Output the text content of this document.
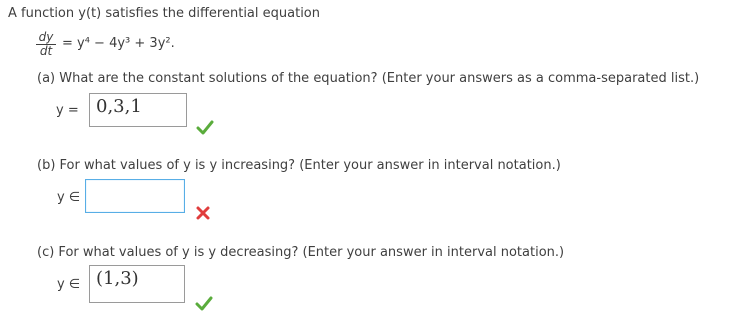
A function y(t) satisfies the differential equation
dy
dt = y⁴ − 4y³ + 3y².
(a) What are the constant solutions of the equation? (Enter your answers as a comma-separated list.)
y = 0,3,1
(b) For what values of y is y increasing? (Enter your answer in interval notation.)
y ∈
(c) For what values of y is y decreasing? (Enter your answer in interval notation.)
y ∈ (1,3)
